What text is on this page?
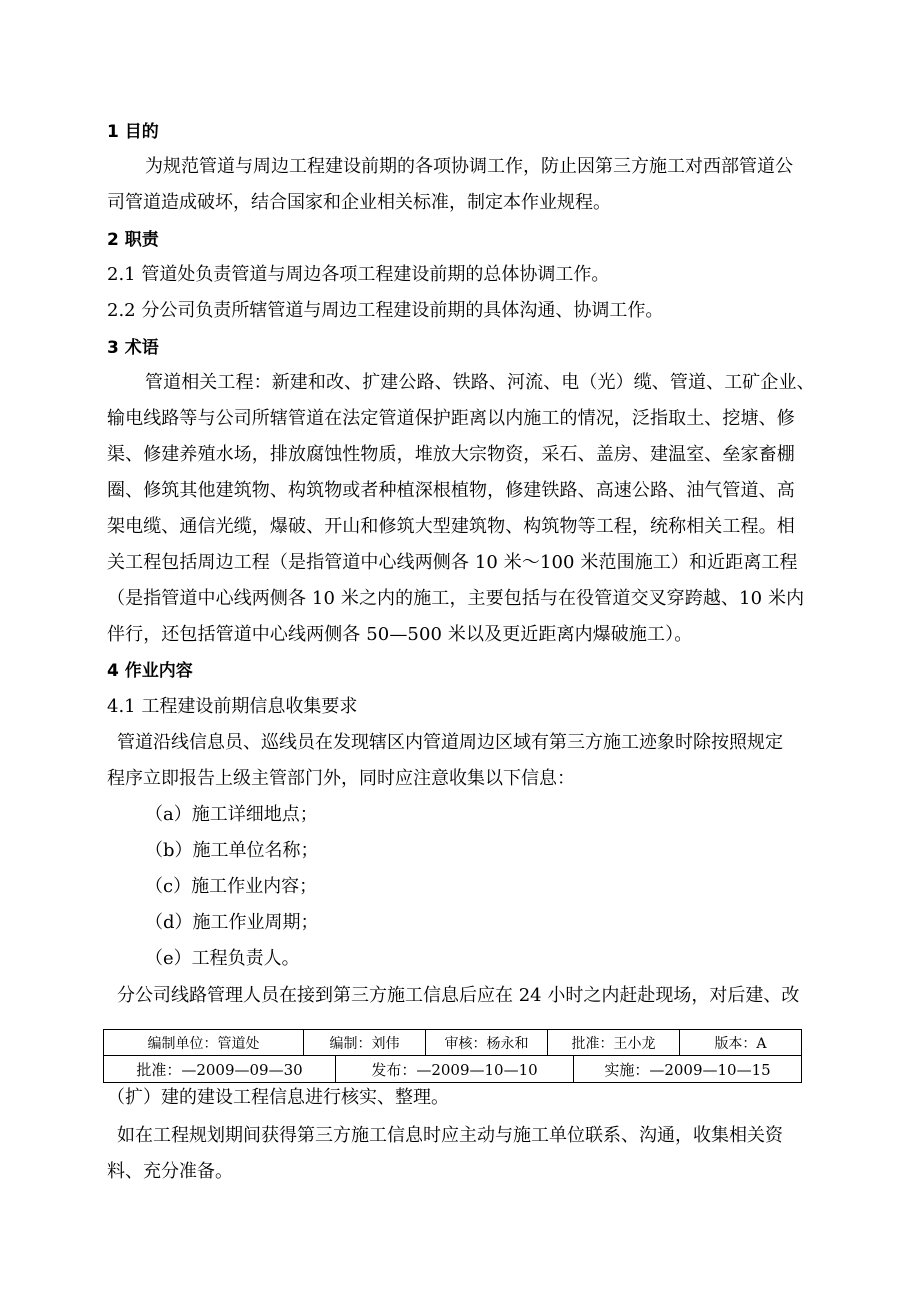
1 目的
为规范管道与周边工程建设前期的各项协调工作，防止因第三方施工对西部管道公
司管道造成破坏，结合国家和企业相关标准，制定本作业规程。
2 职责
2.1 管道处负责管道与周边各项工程建设前期的总体协调工作。
2.2 分公司负责所辖管道与周边工程建设前期的具体沟通、协调工作。
3 术语
管道相关工程：新建和改、扩建公路、铁路、河流、电（光）缆、管道、工矿企业、
输电线路等与公司所辖管道在法定管道保护距离以内施工的情况，泛指取土、挖塘、修
渠、修建养殖水场，排放腐蚀性物质，堆放大宗物资，采石、盖房、建温室、垒家畜棚
圈、修筑其他建筑物、构筑物或者种植深根植物，修建铁路、高速公路、油气管道、高
架电缆、通信光缆，爆破、开山和修筑大型建筑物、构筑物等工程，统称相关工程。相
关工程包括周边工程（是指管道中心线两侧各 10 米～100 米范围施工）和近距离工程
（是指管道中心线两侧各 10 米之内的施工，主要包括与在役管道交叉穿跨越、10 米内
伴行，还包括管道中心线两侧各 50—500 米以及更近距离内爆破施工）。
4 作业内容
4.1 工程建设前期信息收集要求
管道沿线信息员、巡线员在发现辖区内管道周边区域有第三方施工迹象时除按照规定
程序立即报告上级主管部门外，同时应注意收集以下信息：
（a）施工详细地点；
（b）施工单位名称；
（c）施工作业内容；
（d）施工作业周期；
（e）工程负责人。
分公司线路管理人员在接到第三方施工信息后应在 24 小时之内赶赴现场，对后建、改
编制单位：管道处	编制：刘伟	审核：杨永和	批准：王小龙	版本：A
批准：—2009—09—30	发布：—2009—10—10	实施：—2009—10—15
（扩）建的建设工程信息进行核实、整理。
如在工程规划期间获得第三方施工信息时应主动与施工单位联系、沟通，收集相关资
料、充分准备。
